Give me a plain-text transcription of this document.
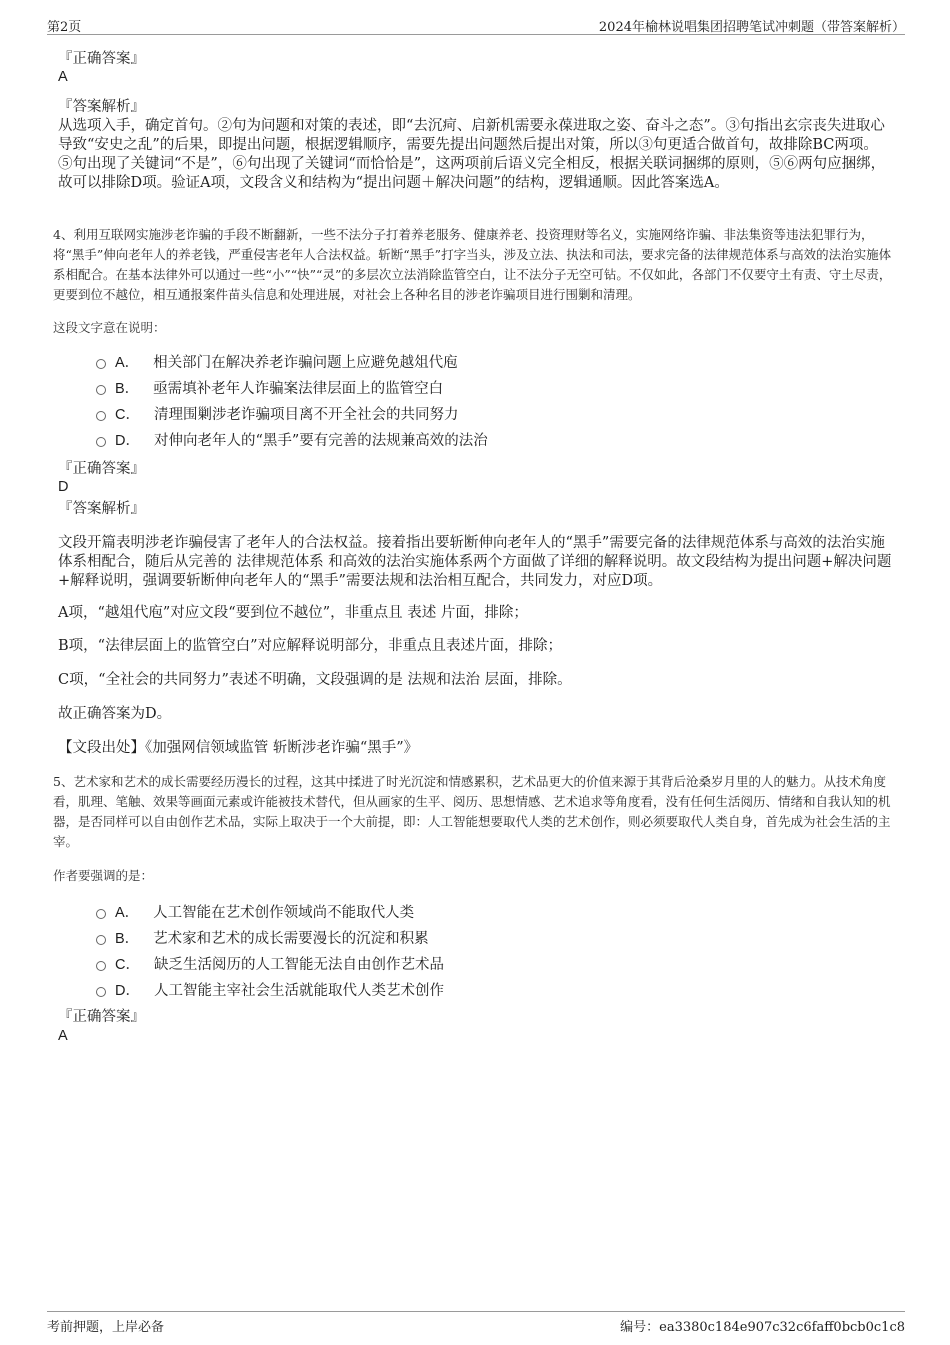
第2页	2024年榆林说唱集团招聘笔试冲刺题（带答案解析）
『正确答案』
A
『答案解析』
从选项入手，确定首句。②句为问题和对策的表述，即“去沉疴、启新机需要永葆进取之姿、奋斗之态”。③句指出玄宗丧失进取心导致“安史之乱”的后果，即提出问题，根据逻辑顺序，需要先提出问题然后提出对策，所以③句更适合做首句，故排除BC两项。⑤句出现了关键词“不是”，⑥句出现了关键词“而恰恰是”，这两项前后语义完全相反，根据关联词捆绑的原则，⑤⑥两句应捆绑，故可以排除D项。验证A项，文段含义和结构为“提出问题＋解决问题”的结构，逻辑通顺。因此答案选A。
4、利用互联网实施涉老诈骗的手段不断翻新，一些不法分子打着养老服务、健康养老、投资理财等名义，实施网络诈骗、非法集资等违法犯罪行为，将“黑手”伸向老年人的养老钱，严重侵害老年人合法权益。斩断“黑手”打字当头，涉及立法、执法和司法，要求完备的法律规范体系与高效的法治实施体系相配合。在基本法律外可以通过一些“小”“快”“灵”的多层次立法消除监管空白，让不法分子无空可钻。不仅如此，各部门不仅要守土有责、守土尽责，更要到位不越位，相互通报案件苗头信息和处理进展，对社会上各种名目的涉老诈骗项目进行围剿和清理。
这段文字意在说明：
A． 相关部门在解决养老诈骗问题上应避免越俎代庖
B． 亟需填补老年人诈骗案法律层面上的监管空白
C． 清理围剿涉老诈骗项目离不开全社会的共同努力
D． 对伸向老年人的“黑手”要有完善的法规兼高效的法治
『正确答案』
D
『答案解析』
文段开篇表明涉老诈骗侵害了老年人的合法权益。接着指出要斩断伸向老年人的“黑手”需要完备的法律规范体系与高效的法治实施体系相配合，随后从完善的 法律规范体系 和高效的法治实施体系两个方面做了详细的解释说明。故文段结构为提出问题+解决问题+解释说明，强调要斩断伸向老年人的“黑手”需要法规和法治相互配合，共同发力，对应D项。
A项，“越俎代庖”对应文段“要到位不越位”，非重点且 表述 片面，排除；
B项，“法律层面上的监管空白”对应解释说明部分，非重点且表述片面，排除；
C项，“全社会的共同努力”表述不明确，文段强调的是 法规和法治 层面，排除。
故正确答案为D。
【文段出处】《加强网信领域监管 斩断涉老诈骗“黑手”》
5、艺术家和艺术的成长需要经历漫长的过程，这其中揉进了时光沉淀和情感累积，艺术品更大的价值来源于其背后沧桑岁月里的人的魅力。从技术角度看，肌理、笔触、效果等画面元素或许能被技术替代，但从画家的生平、阅历、思想情感、艺术追求等角度看，没有任何生活阅历、情绪和自我认知的机器，是否同样可以自由创作艺术品，实际上取决于一个大前提，即：人工智能想要取代人类的艺术创作，则必须要取代人类自身，首先成为社会生活的主宰。
作者要强调的是：
A． 人工智能在艺术创作领域尚不能取代人类
B． 艺术家和艺术的成长需要漫长的沉淀和积累
C． 缺乏生活阅历的人工智能无法自由创作艺术品
D． 人工智能主宰社会生活就能取代人类艺术创作
『正确答案』
A
考前押题，上岸必备	编号：ea3380c184e907c32c6faff0bcb0c1c8
